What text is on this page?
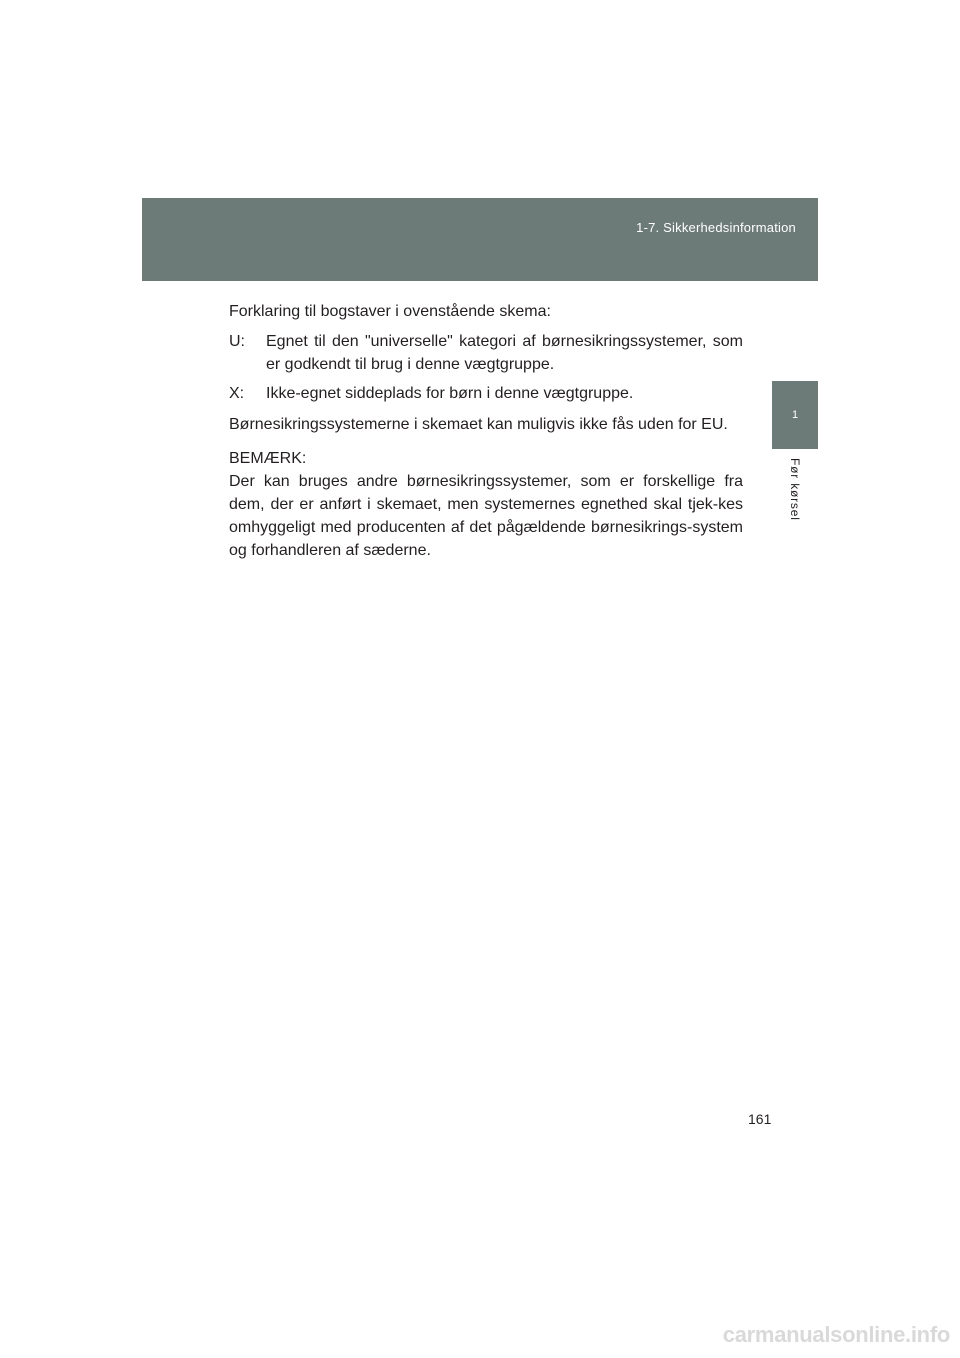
1-7. Sikkerhedsinformation
1
Før kørsel

Forklaring til bogstaver i ovenstående skema:

U:	Egnet til den "universelle" kategori af børnesikringssystemer, som er godkendt til brug i denne vægtgruppe.
X:	Ikke-egnet siddeplads for børn i denne vægtgruppe.

Børnesikringssystemerne i skemaet kan muligvis ikke fås uden for EU.

BEMÆRK:

Der kan bruges andre børnesikringssystemer, som er forskellige fra dem, der er anført i skemaet, men systemernes egnethed skal tjek-kes omhyggeligt med producenten af det pågældende børnesikrings-system og forhandleren af sæderne.

161
carmanualsonline.info
